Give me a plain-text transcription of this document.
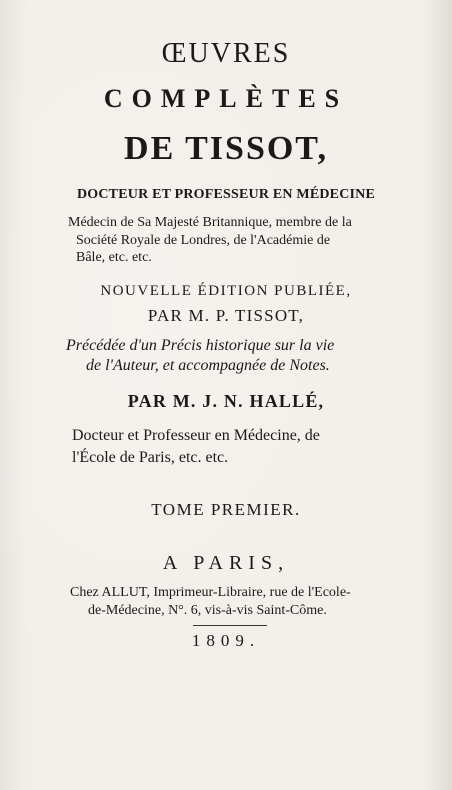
ŒUVRES
COMPLÈTES
DE TISSOT,
DOCTEUR ET PROFESSEUR EN MÉDECINE
Médecin de Sa Majesté Britannique, membre de la
Société Royale de Londres, de l'Académie de
Bâle, etc. etc.
NOUVELLE ÉDITION PUBLIÉE,
PAR M. P. TISSOT,
Précédée d'un Précis historique sur la vie
de l'Auteur, et accompagnée de Notes.
PAR M. J. N. HALLÉ,
Docteur et Professeur en Médecine, de
l'École de Paris, etc. etc.
TOME PREMIER.
A PARIS,
Chez ALLUT, Imprimeur-Libraire, rue de l'Ecole-
de-Médecine, N°. 6, vis-à-vis Saint-Côme.
1809.
